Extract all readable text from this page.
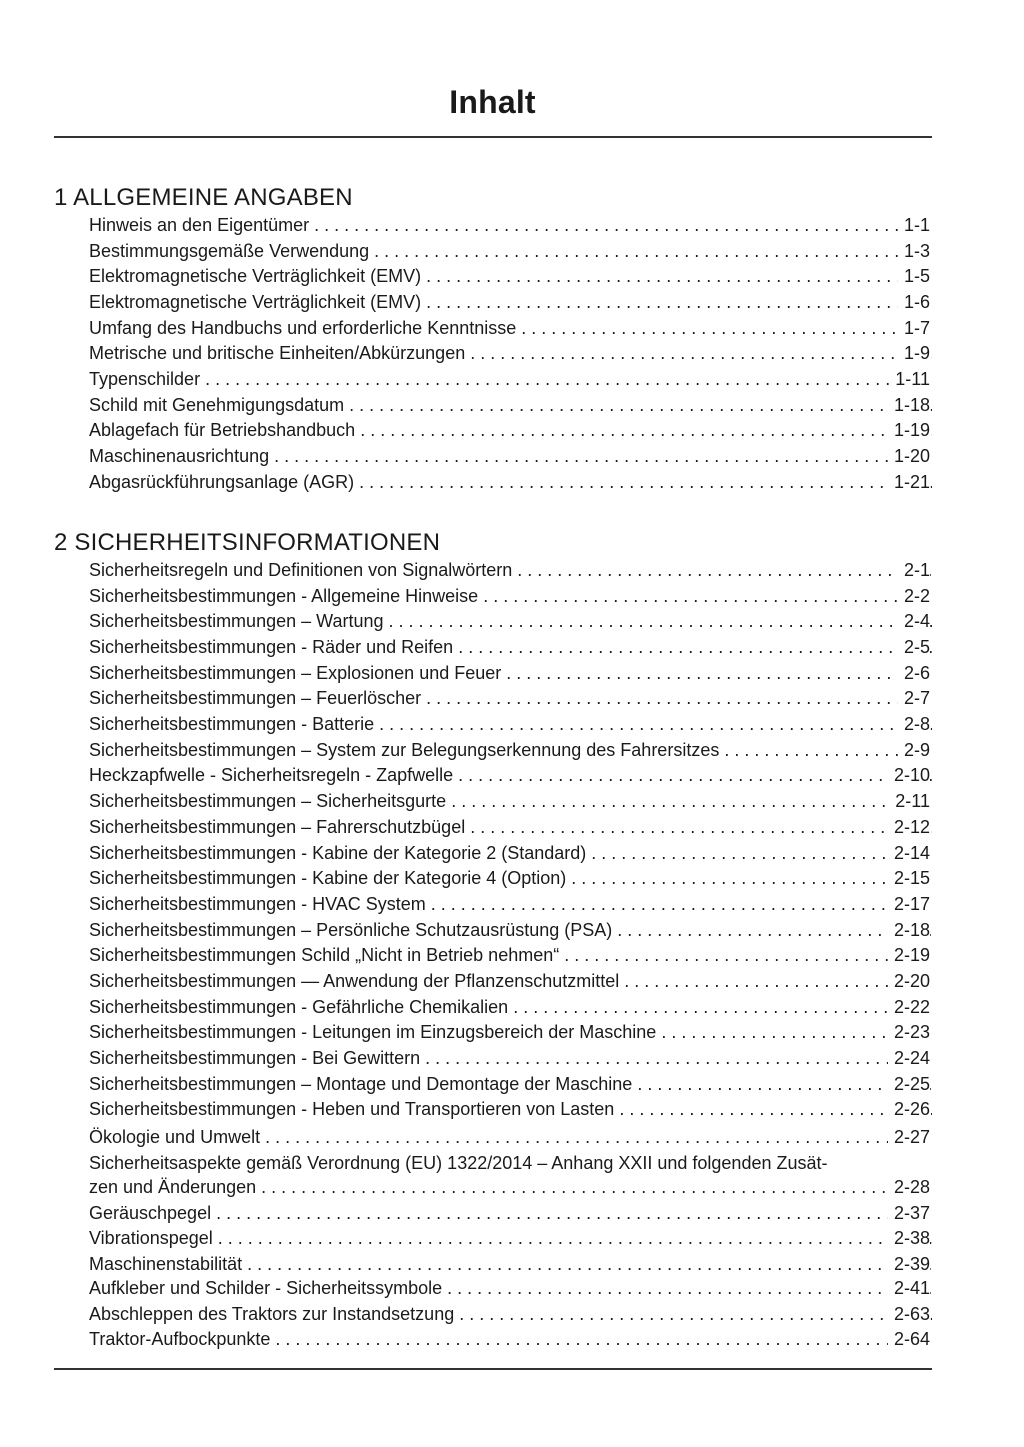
Inhalt
1 ALLGEMEINE ANGABEN
Hinweis an den Eigentümer . . .	1-1
Bestimmungsgemäße Verwendung . . .	1-3
Elektromagnetische Verträglichkeit (EMV) . . .	1-5
Elektromagnetische Verträglichkeit (EMV) . . .	1-6
Umfang des Handbuchs und erforderliche Kenntnisse . . .	1-7
Metrische und britische Einheiten/Abkürzungen . . .	1-9
Typenschilder . . .	1-11
Schild mit Genehmigungsdatum . . .	1-18
Ablagefach für Betriebshandbuch . . .	1-19
Maschinenausrichtung . . .	1-20
Abgasrückführungsanlage (AGR) . . .	1-21
2 SICHERHEITSINFORMATIONEN
Sicherheitsregeln und Definitionen von Signalwörtern . . .	2-1
Sicherheitsbestimmungen - Allgemeine Hinweise . . .	2-2
Sicherheitsbestimmungen – Wartung . . .	2-4
Sicherheitsbestimmungen - Räder und Reifen . . .	2-5
Sicherheitsbestimmungen – Explosionen und Feuer . . .	2-6
Sicherheitsbestimmungen – Feuerlöscher . . .	2-7
Sicherheitsbestimmungen - Batterie . . .	2-8
Sicherheitsbestimmungen – System zur Belegungserkennung des Fahrersitzes . . .	2-9
Heckzapfwelle - Sicherheitsregeln - Zapfwelle . . .	2-10
Sicherheitsbestimmungen – Sicherheitsgurte . . .	2-11
Sicherheitsbestimmungen – Fahrerschutzbügel . . .	2-12
Sicherheitsbestimmungen - Kabine der Kategorie 2 (Standard) . . .	2-14
Sicherheitsbestimmungen - Kabine der Kategorie 4 (Option) . . .	2-15
Sicherheitsbestimmungen - HVAC System . . .	2-17
Sicherheitsbestimmungen – Persönliche Schutzausrüstung (PSA) . . .	2-18
Sicherheitsbestimmungen Schild „Nicht in Betrieb nehmen“ . . .	2-19
Sicherheitsbestimmungen — Anwendung der Pflanzenschutzmittel . . .	2-20
Sicherheitsbestimmungen - Gefährliche Chemikalien . . .	2-22
Sicherheitsbestimmungen - Leitungen im Einzugsbereich der Maschine . . .	2-23
Sicherheitsbestimmungen - Bei Gewittern . . .	2-24
Sicherheitsbestimmungen – Montage und Demontage der Maschine . . .	2-25
Sicherheitsbestimmungen - Heben und Transportieren von Lasten . . .	2-26
Ökologie und Umwelt . . .	2-27
Sicherheitsaspekte gemäß Verordnung (EU) 1322/2014 – Anhang XXII und folgenden Zusät-
zen und Änderungen . . .	2-28
Geräuschpegel . . .	2-37
Vibrationspegel . . .	2-38
Maschinenstabilität . . .	2-39
Aufkleber und Schilder - Sicherheitssymbole . . .	2-41
Abschleppen des Traktors zur Instandsetzung . . .	2-63
Traktor-Aufbockpunkte . . .	2-64
